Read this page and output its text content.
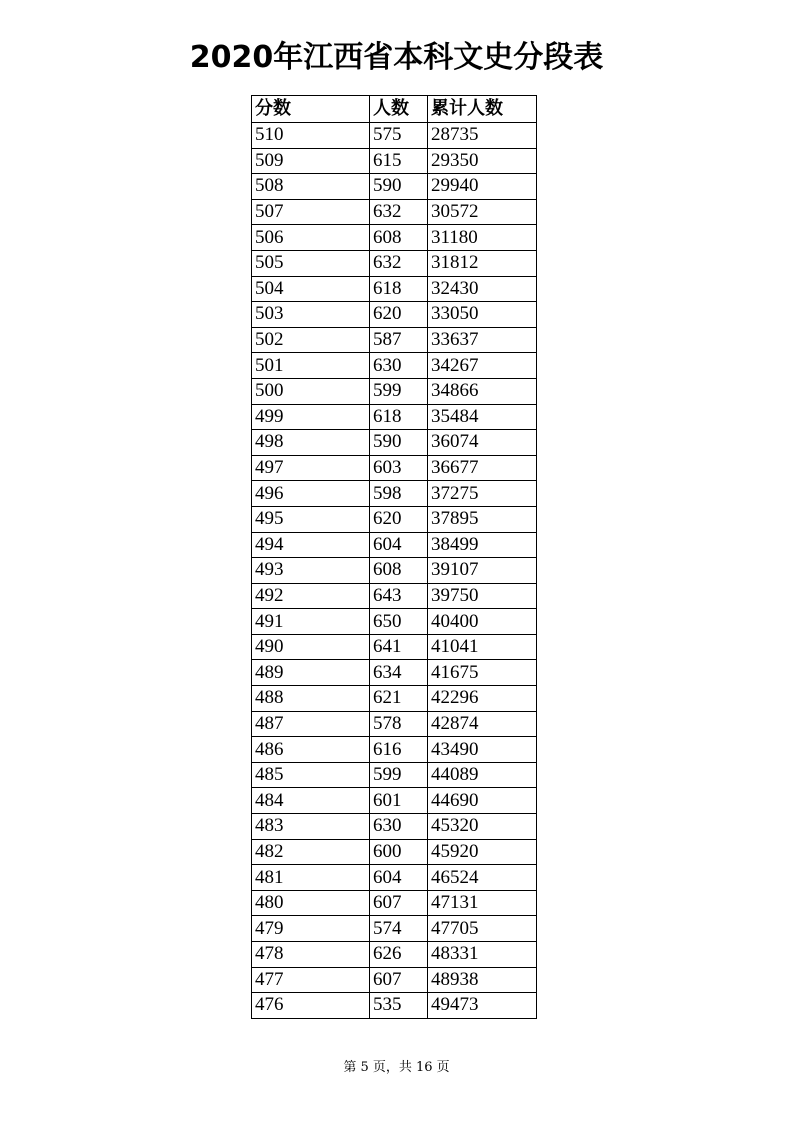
2020年江西省本科文史分段表
分数	人数	累计人数
510	575	28735
509	615	29350
508	590	29940
507	632	30572
506	608	31180
505	632	31812
504	618	32430
503	620	33050
502	587	33637
501	630	34267
500	599	34866
499	618	35484
498	590	36074
497	603	36677
496	598	37275
495	620	37895
494	604	38499
493	608	39107
492	643	39750
491	650	40400
490	641	41041
489	634	41675
488	621	42296
487	578	42874
486	616	43490
485	599	44089
484	601	44690
483	630	45320
482	600	45920
481	604	46524
480	607	47131
479	574	47705
478	626	48331
477	607	48938
476	535	49473
第 5 页，共 16 页
